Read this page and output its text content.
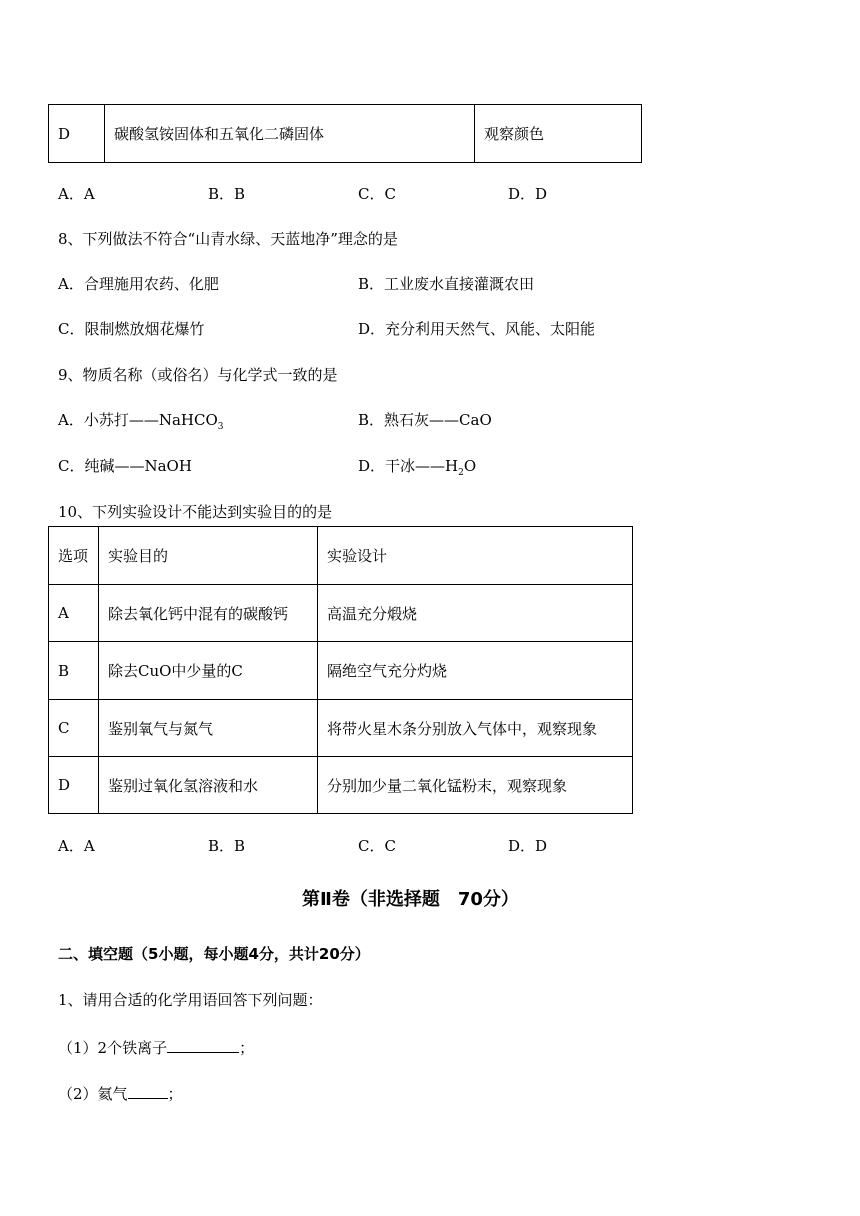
D	碳酸氢铵固体和五氧化二磷固体	观察颜色
A．A	B．B	C．C	D．D
8、下列做法不符合“山青水绿、天蓝地净”理念的是
A．合理施用农药、化肥	B．工业废水直接灌溉农田
C．限制燃放烟花爆竹	D．充分利用天然气、风能、太阳能
9、物质名称（或俗名）与化学式一致的是
A．小苏打——NaHCO$_3$	B．熟石灰——CaO
C．纯碱——NaOH	D．干冰$——H_2O$
10、下列实验设计不能达到实验目的的是
选项	实验目的	实验设计
A	除去氧化钙中混有的碳酸钙	高温充分煅烧
B	除去CuO中少量的C	隔绝空气充分灼烧
C	鉴别氧气与氮气	将带火星木条分别放入气体中，观察现象
D	鉴别过氧化氢溶液和水	分别加少量二氧化锰粉末，观察现象
A．A	B．B	C．C	D．D
第Ⅱ卷（非选择题　70分）
二、填空题（5小题，每小题4分，共计20分）
1、请用合适的化学用语回答下列问题：
（1）2个铁离子	；
（2）氦气	；
